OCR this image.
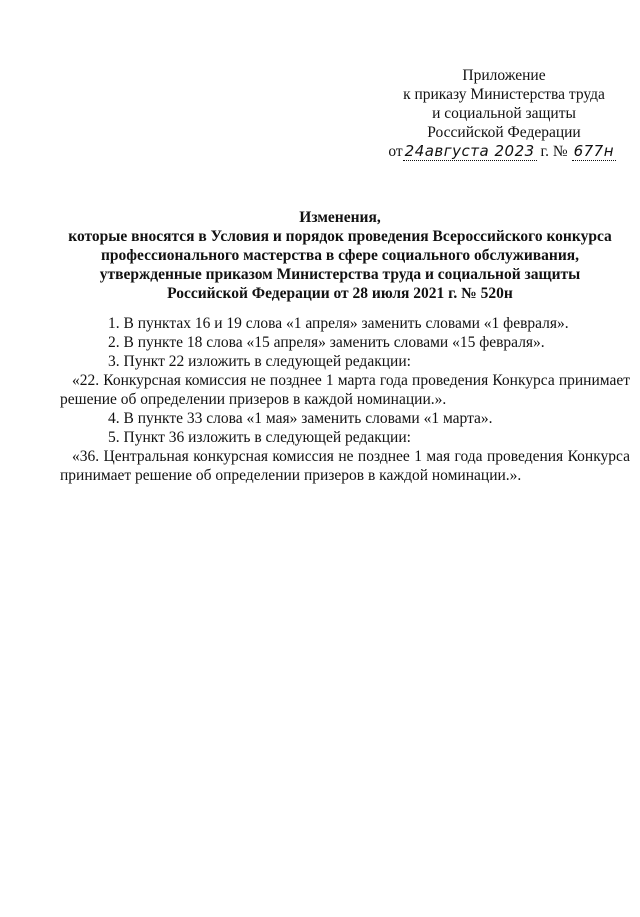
Приложение
к приказу Министерства труда
и социальной защиты
Российской Федерации
от 24августа 2023 г. № 677н
Изменения,
которые вносятся в Условия и порядок проведения Всероссийского конкурса
профессионального мастерства в сфере социального обслуживания,
утвержденные приказом Министерства труда и социальной защиты
Российской Федерации от 28 июля 2021 г. № 520н

1. В пунктах 16 и 19 слова «1 апреля» заменить словами «1 февраля».

2. В пункте 18 слова «15 апреля» заменить словами «15 февраля».

3. Пункт 22 изложить в следующей редакции:

«22. Конкурсная комиссия не позднее 1 марта года проведения Конкурса принимает решение об определении призеров в каждой номинации.».

4. В пункте 33 слова «1 мая» заменить словами «1 марта».

5. Пункт 36 изложить в следующей редакции:

«36. Центральная конкурсная комиссия не позднее 1 мая года проведения Конкурса принимает решение об определении призеров в каждой номинации.».
